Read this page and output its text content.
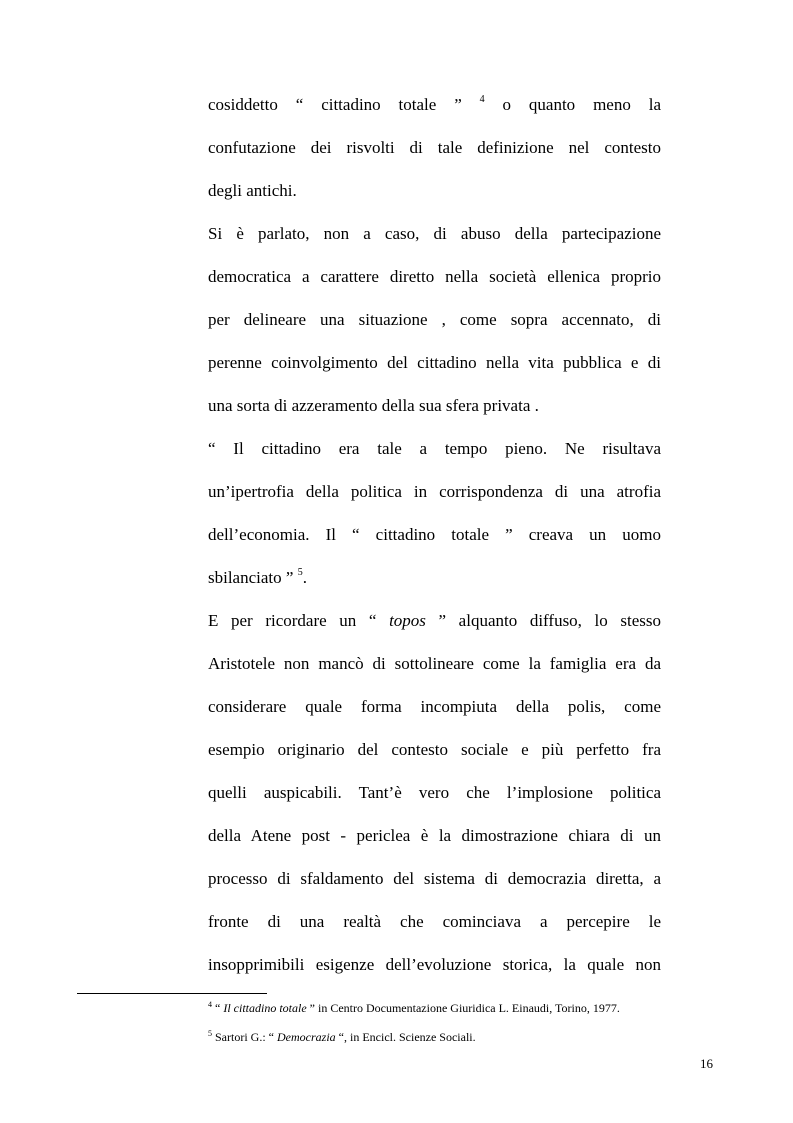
cosiddetto “ cittadino totale ” $^4$ o quanto meno la
confutazione dei risvolti di tale definizione nel contesto
degli antichi.
Si è parlato, non a caso, di abuso della partecipazione
democratica a carattere diretto nella società ellenica proprio
per delineare una situazione , come sopra accennato, di
perenne coinvolgimento del cittadino nella vita pubblica e di
una sorta di azzeramento della sua sfera privata .
“ Il cittadino era tale a tempo pieno. Ne risultava
un’ipertrofia della politica in corrispondenza di una atrofia
dell’economia. Il “ cittadino totale ” creava un uomo
sbilanciato ” $^5$.
E per ricordare un “ topos ” alquanto diffuso, lo stesso
Aristotele non mancò di sottolineare come la famiglia era da
considerare quale forma incompiuta della polis, come
esempio originario del contesto sociale e più perfetto fra
quelli auspicabili. Tant’è vero che l’implosione politica
della Atene post - periclea è la dimostrazione chiara di un
processo di sfaldamento del sistema di democrazia diretta, a
fronte di una realtà che cominciava a percepire le
insopprimibili esigenze dell’evoluzione storica, la quale non
$^4$ “ Il cittadino totale ” in Centro Documentazione Giuridica L. Einaudi, Torino, 1977.
$^5$ Sartori G.: “ Democrazia “, in Encicl. Scienze Sociali.
16
